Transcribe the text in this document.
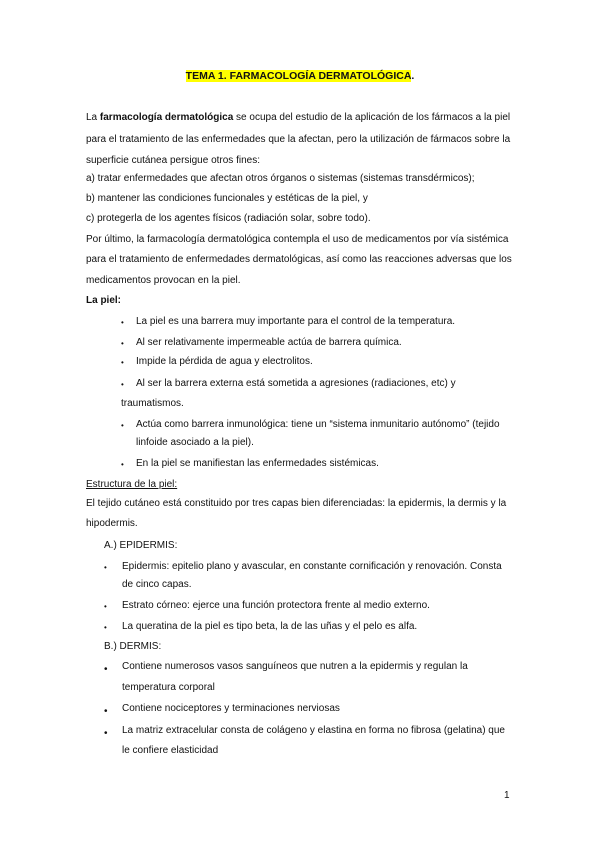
TEMA 1. FARMACOLOGÍA DERMATOLÓGICA.
La farmacología dermatológica se ocupa del estudio de la aplicación de los fármacos a la piel
para el tratamiento de las enfermedades que la afectan, pero la utilización de fármacos sobre la
superficie cutánea persigue otros fines:
a) tratar enfermedades que afectan otros órganos o sistemas (sistemas transdérmicos);
b) mantener las condiciones funcionales y estéticas de la piel, y
c) protegerla de los agentes físicos (radiación solar, sobre todo).
Por último, la farmacología dermatológica contempla el uso de medicamentos por vía sistémica
para el tratamiento de enfermedades dermatológicas, así como las reacciones adversas que los
medicamentos provocan en la piel.
La piel:
• La piel es una barrera muy importante para el control de la temperatura.
• Al ser relativamente impermeable actúa de barrera química.
• Impide la pérdida de agua y electrolitos.
• Al ser la barrera externa está sometida a agresiones (radiaciones, etc) y
traumatismos.
• Actúa como barrera inmunológica: tiene un “sistema inmunitario autónomo” (tejido
linfoide asociado a la piel).
• En la piel se manifiestan las enfermedades sistémicas.
Estructura de la piel:
El tejido cutáneo está constituido por tres capas bien diferenciadas: la epidermis, la dermis y la
hipodermis.
A.) EPIDERMIS:
• Epidermis: epitelio plano y avascular, en constante cornificación y renovación. Consta
de cinco capas.
• Estrato córneo: ejerce una función protectora frente al medio externo.
• La queratina de la piel es tipo beta, la de las uñas y el pelo es alfa.
B.) DERMIS:
• Contiene numerosos vasos sanguíneos que nutren a la epidermis y regulan la
temperatura corporal
• Contiene nociceptores y terminaciones nerviosas
• La matriz extracelular consta de colágeno y elastina en forma no fibrosa (gelatina) que
le confiere elasticidad
1
